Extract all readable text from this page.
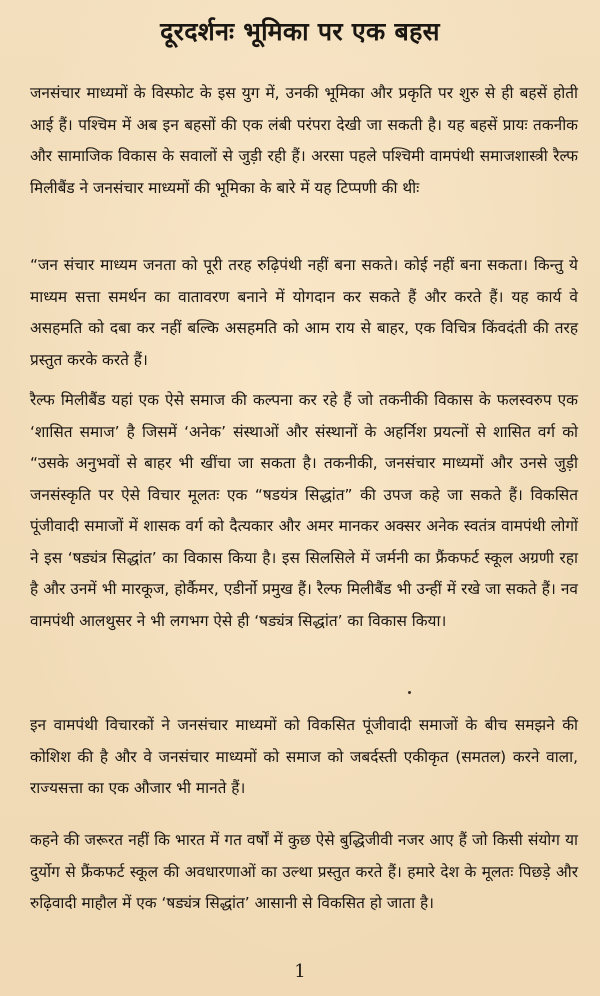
दूरदर्शनः भूमिका पर एक बहस

जनसंचार माध्यमों के विस्फोट के इस युग में, उनकी भूमिका और प्रकृति पर शुरु से ही बहसें होती आई हैं। पश्चिम में अब इन बहसों की एक लंबी परंपरा देखी जा सकती है। यह बहसें प्रायः तकनीक और सामाजिक विकास के सवालों से जुड़ी रही हैं। अरसा पहले पश्चिमी वामपंथी समाजशास्त्री रैल्फ मिलीबैंड ने जनसंचार माध्यमों की भूमिका के बारे में यह टिप्पणी की थीः

“जन संचार माध्यम जनता को पूरी तरह रुढ़िपंथी नहीं बना सकते। कोई नहीं बना सकता। किन्तु ये माध्यम सत्ता समर्थन का वातावरण बनाने में योगदान कर सकते हैं और करते हैं। यह कार्य वे असहमति को दबा कर नहीं बल्कि असहमति को आम राय से बाहर, एक विचित्र किंवदंती की तरह प्रस्तुत करके करते हैं।

रैल्फ मिलीबैंड यहां एक ऐसे समाज की कल्पना कर रहे हैं जो तकनीकी विकास के फलस्वरुप एक ‘शासित समाज’ है जिसमें ‘अनेक’ संस्थाओं और संस्थानों के अहर्निश प्रयत्नों से शासित वर्ग को “उसके अनुभवों से बाहर भी खींचा जा सकता है। तकनीकी, जनसंचार माध्यमों और उनसे जुड़ी जनसंस्कृति पर ऐसे विचार मूलतः एक “षडयंत्र सिद्धांत” की उपज कहे जा सकते हैं। विकसित पूंजीवादी समाजों में शासक वर्ग को दैत्यकार और अमर मानकर अक्सर अनेक स्वतंत्र वामपंथी लोगों ने इस ‘षड्यंत्र सिद्धांत’ का विकास किया है। इस सिलसिले में जर्मनी का फ्रैंकफर्ट स्कूल अग्रणी रहा है और उनमें भी मारकूज, होर्कैमर, एडीर्नो प्रमुख हैं। रैल्फ मिलीबैंड भी उन्हीं में रखे जा सकते हैं। नव वामपंथी आलथुसर ने भी लगभग ऐसे ही ‘षड्यंत्र सिद्धांत’ का विकास किया।

इन वामपंथी विचारकों ने जनसंचार माध्यमों को विकसित पूंजीवादी समाजों के बीच समझने की कोशिश की है और वे जनसंचार माध्यमों को समाज को जबर्दस्ती एकीकृत (समतल) करने वाला, राज्यसत्ता का एक औजार भी मानते हैं।

कहने की जरूरत नहीं कि भारत में गत वर्षों में कुछ ऐसे बुद्धिजीवी नजर आए हैं जो किसी संयोग या दुर्योग से फ्रैंकफर्ट स्कूल की अवधारणाओं का उल्था प्रस्तुत करते हैं। हमारे देश के मूलतः पिछड़े और रुढ़िवादी माहौल में एक ‘षड्यंत्र सिद्धांत’ आसानी से विकसित हो जाता है।

1
